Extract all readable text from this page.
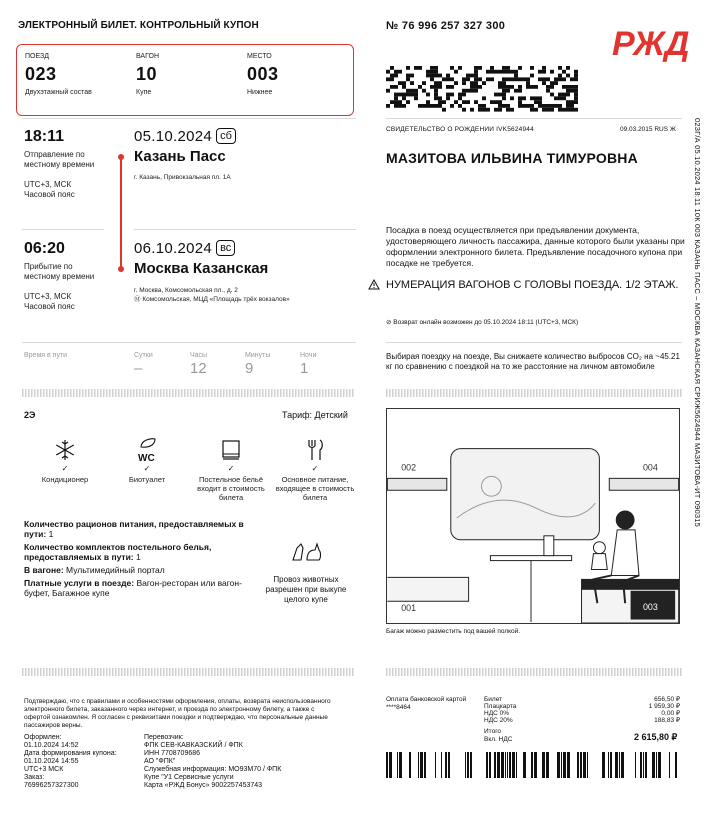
ЭЛЕКТРОННЫЙ БИЛЕТ. КОНТРОЛЬНЫЙ КУПОН	№ 76 996 257 327 300	РЖД
ПОЕЗД
023
Двухэтажный состав
ВАГОН
10
Купе
МЕСТО
003
Нижнее
18:11
Отправление по местному времени
UTC+3, МСК
Часовой пояс
05.10.2024 сб
Казань Пасс
г. Казань, Привокзальная пл. 1А
06:20
Прибытие по местному времени
UTC+3, МСК
Часовой пояс
06.10.2024 вс
Москва Казанская
г. Москва, Комсомольская пл., д. 2
Ⓜ Комсомольская, МЦД «Площадь трёх вокзалов»
Время в пути	Сутки
–
Часы
12
Минуты
9
Ночи
1
СВИДЕТЕЛЬСТВО О РОЖДЕНИИ IVK5624944	09.03.2015 RUS Ж
МАЗИТОВА ИЛЬВИНА ТИМУРОВНА
Посадка в поезд осуществляется при предъявлении документа, удостоверяющего личность пассажира, данные которого были указаны при оформлении электронного билета. Предъявление посадочного купона при посадке не требуется.
НУМЕРАЦИЯ ВАГОНОВ С ГОЛОВЫ ПОЕЗДА. 1/2 ЭТАЖ.
⊘ Возврат онлайн возможен до 05.10.2024 18:11 (UTC+3, МСК)
Выбирая поездку на поезде, Вы снижаете количество выбросов CO₂ на ~45.21 кг по сравнению с поездкой на то же расстояние на личном автомобиле	023Г/А 05.10.2024 18:11 10К 003 КАЗАНЬ ПАСС – МОСКВА КАЗАНСКАЯ СРИЖ5624944 МАЗИТОВА-ИТ 090315
2Э	Тариф: Детский
✓
Кондиционер
WC
✓
Биотуалет
✓
Постельное бельё входит в стоимость билета
✓
Основное питание, входящее в стоимость билета
Количество рационов питания, предоставляемых в пути: 1
Количество комплектов постельного белья, предоставляемых в пути: 1
В вагоне: Мультимедийный портал
Платные услуги в поезде: Вагон-ресторан или вагон-буфет, Багажное купе
Провоз животных разрешен при выкупе целого купе
002	004
001	003
Багаж можно разместить под вашей полкой.
Подтверждаю, что с правилами и особенностями оформления, оплаты, возврата неиспользованного электронного билета, заказанного через интернет, и проезда по электронному билету, а также с офертой ознакомлен. Я согласен с реквизитами поездки и подтверждаю, что персональные данные пассажиров верны.
Оформлен:
01.10.2024 14:52
Дата формирования купона:
01.10.2024 14:55
UTC+3 МСК
Заказ:
76996257327300
Перевозчик:
ФПК СЕВ-КАВКАЗСКИЙ / ФПК
ИНН 7708709686
АО "ФПК"
Служебная информация: МО93М70 / ФПК
Купе "У1 Сервисные услуги
Карта «РЖД Бонус» 9002257453743
Оплата банковской картой
****8464
Билет	656,50 ₽
Плацкарта	1 959,30 ₽
НДС 0%	0,00 ₽
НДС 20%	188,83 ₽
Итого
Вкл. НДС	2 615,80 ₽
